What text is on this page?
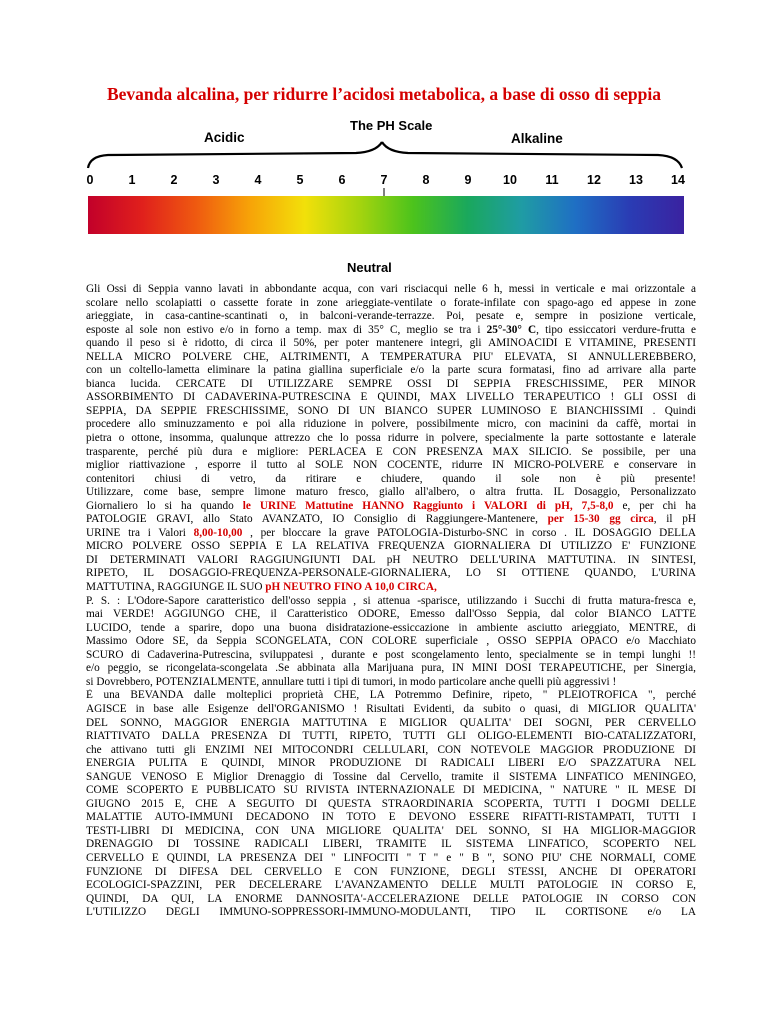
Bevanda alcalina, per ridurre l’acidosi metabolica, a base di osso di seppia
The PH Scale
Acidic	Alkaline
0	1	2	3	4	5	6	7	8	9	10 11 12 13 14
Neutral
Gli Ossi di Seppia vanno lavati in abbondante acqua, con vari risciacqui nelle 6 h, messi in verticale e mai orizzontale a
scolare nello scolapiatti o cassette forate in zone arieggiate-ventilate o forate-infilate con spago-ago ed appese in zone
arieggiate, in casa-cantine-scantinati o, in balconi-verande-terrazze. Poi, pesate e, sempre in posizione verticale,
esposte al sole non estivo e/o in forno a temp. max di 35° C, meglio se tra i 25°-30° C, tipo essiccatori verdure-frutta e
quando il peso si è ridotto, di circa il 50%, per poter mantenere integri, gli AMINOACIDI E VITAMINE, PRESENTI
NELLA MICRO POLVERE CHE, ALTRIMENTI, A TEMPERATURA PIU' ELEVATA, SI ANNULLEREBBERO,
con un coltello-lametta eliminare la patina giallina superficiale e/o la parte scura formatasi, fino ad arrivare alla parte
bianca lucida. CERCATE DI UTILIZZARE SEMPRE OSSI DI SEPPIA FRESCHISSIME, PER MINOR
ASSORBIMENTO DI CADAVERINA-PUTRESCINA E QUINDI, MAX LIVELLO TERAPEUTICO ! GLI OSSI di
SEPPIA, DA SEPPIE FRESCHISSIME, SONO DI UN BIANCO SUPER LUMINOSO E BIANCHISSIMI . Quindi
procedere allo sminuzzamento e poi alla riduzione in polvere, possibilmente micro, con macinini da caffè, mortai in
pietra o ottone, insomma, qualunque attrezzo che lo possa ridurre in polvere, specialmente la parte sottostante e laterale
trasparente, perché più dura e migliore: PERLACEA E CON PRESENZA MAX SILICIO. Se possibile, per una
miglior riattivazione , esporre il tutto al SOLE NON COCENTE, ridurre IN MICRO-POLVERE e conservare in
contenitori chiusi di vetro, da ritirare e chiudere, quando il sole non è più presente!
Utilizzare, come base, sempre limone maturo fresco, giallo all'albero, o altra frutta. IL Dosaggio, Personalizzato
Giornaliero lo si ha quando le URINE Mattutine HANNO Raggiunto i VALORI di pH, 7,5-8,0 e, per chi ha
PATOLOGIE GRAVI, allo Stato AVANZATO, IO Consiglio di Raggiungere-Mantenere, per 15-30 gg circa, il pH
URINE tra i Valori 8,00-10,00 , per bloccare la grave PATOLOGIA-Disturbo-SNC in corso . IL DOSAGGIO DELLA
MICRO POLVERE OSSO SEPPIA E LA RELATIVA FREQUENZA GIORNALIERA DI UTILIZZO E' FUNZIONE
DI DETERMINATI VALORI RAGGIUNGIUNTI DAL pH NEUTRO DELL'URINA MATTUTINA. IN SINTESI,
RIPETO, IL DOSAGGIO-FREQUENZA-PERSONALE-GIORNALIERA, LO SI OTTIENE QUANDO, L'URINA
MATTUTINA, RAGGIUNGE IL SUO pH NEUTRO FINO A 10,0 CIRCA,
P. S. : L'Odore-Sapore caratteristico dell'osso seppia , si attenua -sparisce, utilizzando i Succhi di frutta matura-fresca e,
mai VERDE! AGGIUNGO CHE, il Caratteristico ODORE, Emesso dall'Osso Seppia, dal color BIANCO LATTE
LUCIDO, tende a sparire, dopo una buona disidratazione-essiccazione in ambiente asciutto arieggiato, MENTRE, di
Massimo Odore SE, da Seppia SCONGELATA, CON COLORE superficiale , OSSO SEPPIA OPACO e/o Macchiato
SCURO di Cadaverina-Putrescina, sviluppatesi , durante e post scongelamento lento, specialmente se in tempi lunghi !!
e/o peggio, se ricongelata-scongelata .Se abbinata alla Marijuana pura, IN MINI DOSI TERAPEUTICHE, per Sinergia,
si Dovrebbero, POTENZIALMENTE, annullare tutti i tipi di tumori, in modo particolare anche quelli più aggressivi !
È una BEVANDA dalle molteplici proprietà CHE, LA Potremmo Definire, ripeto, " PLEIOTROFICA ", perché
AGISCE in base alle Esigenze dell'ORGANISMO ! Risultati Evidenti, da subito o quasi, di MIGLIOR QUALITA'
DEL SONNO, MAGGIOR ENERGIA MATTUTINA E MIGLIOR QUALITA' DEI SOGNI, PER CERVELLO
RIATTIVATO DALLA PRESENZA DI TUTTI, RIPETO, TUTTI GLI OLIGO-ELEMENTI BIO-CATALIZZATORI,
che attivano tutti gli ENZIMI NEI MITOCONDRI CELLULARI, CON NOTEVOLE MAGGIOR PRODUZIONE DI
ENERGIA PULITA E QUINDI, MINOR PRODUZIONE DI RADICALI LIBERI E/O SPAZZATURA NEL
SANGUE VENOSO E Miglior Drenaggio di Tossine dal Cervello, tramite il SISTEMA LINFATICO MENINGEO,
COME SCOPERTO E PUBBLICATO SU RIVISTA INTERNAZIONALE DI MEDICINA, " NATURE " IL MESE DI
GIUGNO 2015 E, CHE A SEGUITO DI QUESTA STRAORDINARIA SCOPERTA, TUTTI I DOGMI DELLE
MALATTIE AUTO-IMMUNI DECADONO IN TOTO E DEVONO ESSERE RIFATTI-RISTAMPATI, TUTTI I
TESTI-LIBRI DI MEDICINA, CON UNA MIGLIORE QUALITA' DEL SONNO, SI HA MIGLIOR-MAGGIOR
DRENAGGIO DI TOSSINE RADICALI LIBERI, TRAMITE IL SISTEMA LINFATICO, SCOPERTO NEL
CERVELLO E QUINDI, LA PRESENZA DEI " LINFOCITI " T " e " B ", SONO PIU' CHE NORMALI, COME
FUNZIONE DI DIFESA DEL CERVELLO E CON FUNZIONE, DEGLI STESSI, ANCHE DI OPERATORI
ECOLOGICI-SPAZZINI, PER DECELERARE L'AVANZAMENTO DELLE MULTI PATOLOGIE IN CORSO E,
QUINDI, DA QUI, LA ENORME DANNOSITA'-ACCELERAZIONE DELLE PATOLOGIE IN CORSO CON
L'UTILIZZO DEGLI IMMUNO-SOPPRESSORI-IMMUNO-MODULANTI, TIPO IL CORTISONE e/o LA
